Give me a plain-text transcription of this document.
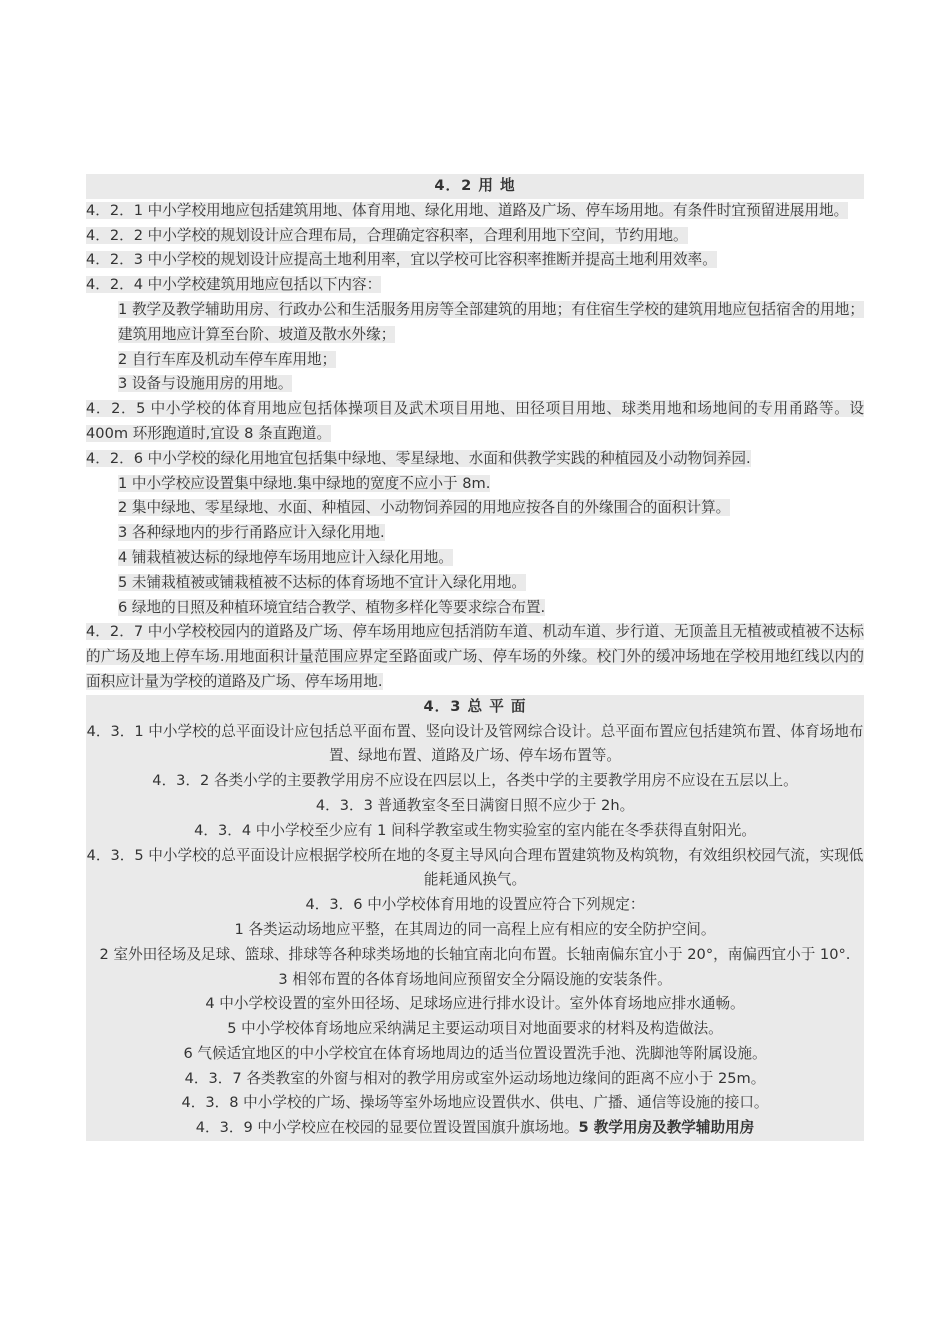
4．2 用 地
4．2．1 中小学校用地应包括建筑用地、体育用地、绿化用地、道路及广场、停车场用地。有条件时宜预留进展用地。
4．2．2 中小学校的规划设计应合理布局，合理确定容积率，合理利用地下空间，节约用地。
4．2．3 中小学校的规划设计应提高土地利用率，宜以学校可比容积率推断并提高土地利用效率。
4．2．4 中小学校建筑用地应包括以下内容：
1 教学及教学辅助用房、行政办公和生活服务用房等全部建筑的用地；有住宿生学校的建筑用地应包括宿舍的用地；建筑用地应计算至台阶、坡道及散水外缘；
2 自行车库及机动车停车库用地；
3 设备与设施用房的用地。
4．2．5 中小学校的体育用地应包括体操项目及武术项目用地、田径项目用地、球类用地和场地间的专用甬路等。设 400m 环形跑道时,宜设 8 条直跑道。
4．2．6 中小学校的绿化用地宜包括集中绿地、零星绿地、水面和供教学实践的种植园及小动物饲养园.
1 中小学校应设置集中绿地.集中绿地的宽度不应小于 8m.
2 集中绿地、零星绿地、水面、种植园、小动物饲养园的用地应按各自的外缘围合的面积计算。
3 各种绿地内的步行甬路应计入绿化用地.
4 铺栽植被达标的绿地停车场用地应计入绿化用地。
5 未铺栽植被或铺栽植被不达标的体育场地不宜计入绿化用地。
6 绿地的日照及种植环境宜结合教学、植物多样化等要求综合布置.
4．2．7 中小学校校园内的道路及广场、停车场用地应包括消防车道、机动车道、步行道、无顶盖且无植被或植被不达标的广场及地上停车场.用地面积计量范围应界定至路面或广场、停车场的外缘。校门外的缓冲场地在学校用地红线以内的面积应计量为学校的道路及广场、停车场用地.
4．3 总 平 面
4．3．1 中小学校的总平面设计应包括总平面布置、竖向设计及管网综合设计。总平面布置应包括建筑布置、体育场地布置、绿地布置、道路及广场、停车场布置等。
4．3．2 各类小学的主要教学用房不应设在四层以上，各类中学的主要教学用房不应设在五层以上。
4．3．3 普通教室冬至日满窗日照不应少于 2h。
4．3．4 中小学校至少应有 1 间科学教室或生物实验室的室内能在冬季获得直射阳光。
4．3．5 中小学校的总平面设计应根据学校所在地的冬夏主导风向合理布置建筑物及构筑物，有效组织校园气流，实现低能耗通风换气。
4．3．6 中小学校体育用地的设置应符合下列规定：
1 各类运动场地应平整，在其周边的同一高程上应有相应的安全防护空间。
2 室外田径场及足球、篮球、排球等各种球类场地的长轴宜南北向布置。长轴南偏东宜小于 20°，南偏西宜小于 10°.
3 相邻布置的各体育场地间应预留安全分隔设施的安装条件。
4 中小学校设置的室外田径场、足球场应进行排水设计。室外体育场地应排水通畅。
5 中小学校体育场地应采纳满足主要运动项目对地面要求的材料及构造做法。
6 气候适宜地区的中小学校宜在体育场地周边的适当位置设置洗手池、洗脚池等附属设施。
4．3．7 各类教室的外窗与相对的教学用房或室外运动场地边缘间的距离不应小于 25m。
4．3．8 中小学校的广场、操场等室外场地应设置供水、供电、广播、通信等设施的接口。
4．3．9 中小学校应在校园的显要位置设置国旗升旗场地。5 教学用房及教学辅助用房
